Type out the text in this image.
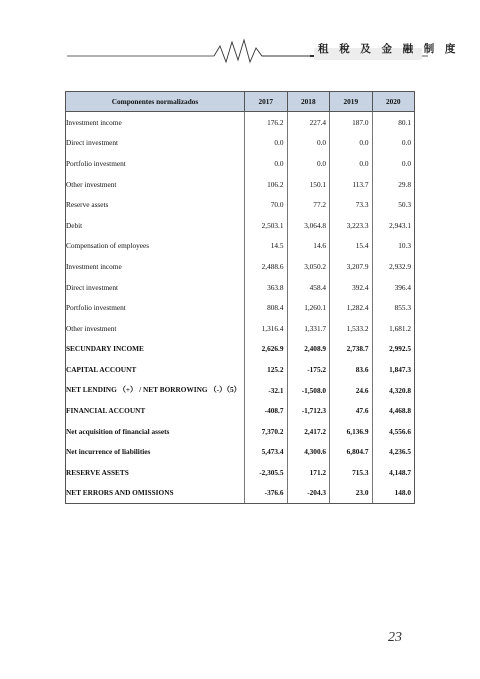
租 稅 及 金 融 制 度
Componentes normalizados	2017	2018	2019	2020
Investment income	176.2	227.4	187.0	80.1
Direct investment	0.0	0.0	0.0	0.0
Portfolio investment	0.0	0.0	0.0	0.0
Other investment	106.2	150.1	113.7	29.8
Reserve assets	70.0	77.2	73.3	50.3
Debit	2,503.1	3,064.8	3,223.3	2,943.1
Compensation of employees	14.5	14.6	15.4	10.3
Investment income	2,488.6	3,050.2	3,207.9	2,932.9
Direct investment	363.8	458.4	392.4	396.4
Portfolio investment	808.4	1,260.1	1,282.4	855.3
Other investment	1,316.4	1,331.7	1,533.2	1,681.2
SECUNDARY INCOME	2,626.9	2,408.9	2,738.7	2,992.5
CAPITAL ACCOUNT	125.2	-175.2	83.6	1,847.3
NET LENDING （+） / NET BORROWING （-）（5）	-32.1	-1,508.0	24.6	4,320.8
FINANCIAL ACCOUNT	-408.7	-1,712.3	47.6	4,468.8
Net acquisition of financial assets	7,370.2	2,417.2	6,136.9	4,556.6
Net incurrence of liabilities	5,473.4	4,300.6	6,804.7	4,236.5
RESERVE ASSETS	-2,305.5	171.2	715.3	4,148.7
NET ERRORS AND OMISSIONS	-376.6	-204.3	23.0	148.0
23
